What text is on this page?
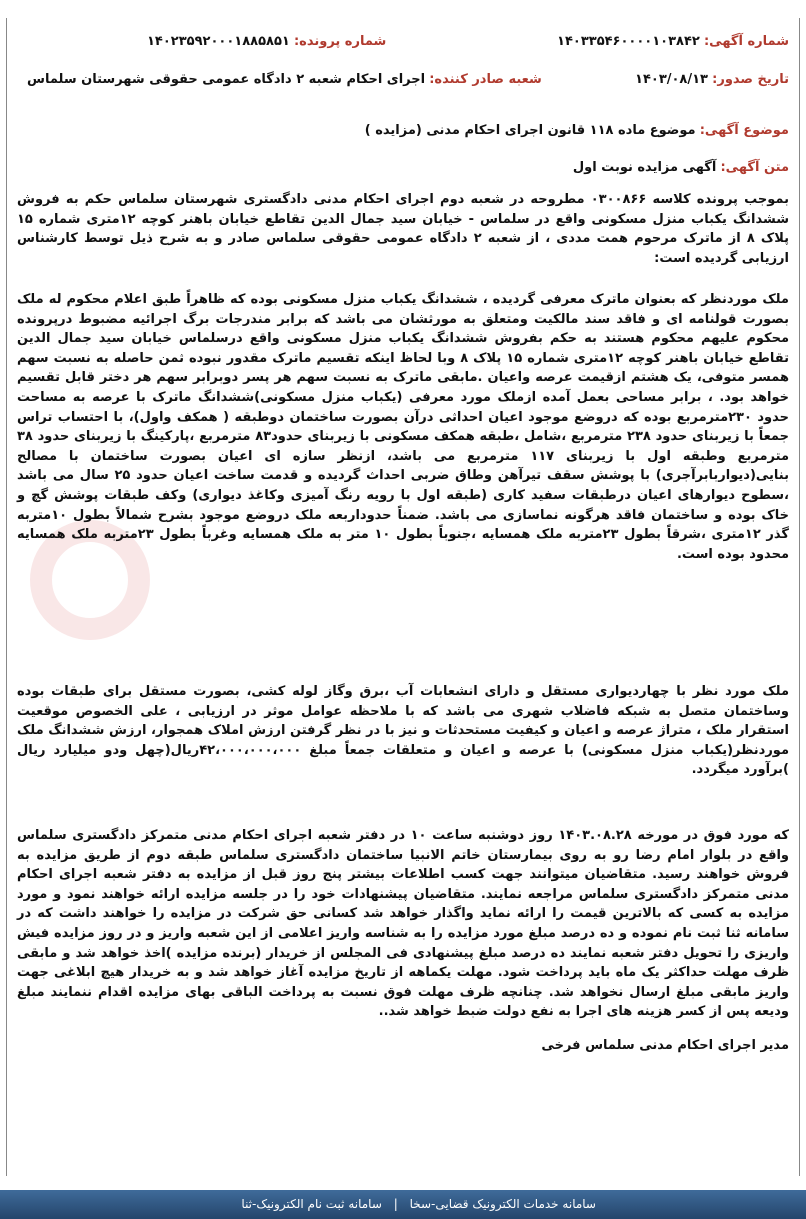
شماره آگهی: ۱۴۰۳۳۵۴۶۰۰۰۰۱۰۳۸۴۲
شماره پرونده: ۱۴۰۲۳۵۹۲۰۰۰۱۸۸۵۸۵۱
تاریخ صدور: ۱۴۰۳/۰۸/۱۳
شعبه صادر کننده: اجرای احکام شعبه ۲ دادگاه عمومی حقوقی شهرستان سلماس
موضوع آگهی: موضوع ماده ۱۱۸ قانون اجرای احکام مدنی (مزایده )
متن آگهی: آگهی مزایده نوبت اول
بموجب پرونده کلاسه ۰۳۰۰۸۶۶ مطروحه در شعبه دوم اجرای احکام مدنی دادگستری شهرستان سلماس حکم به فروش ششدانگ یکباب منزل مسکونی واقع در سلماس - خیابان سید جمال الدین تقاطع خیابان باهنر کوچه ۱۲متری شماره ۱۵ پلاک ۸ از ماترک مرحوم همت مددی ، از شعبه ۲ دادگاه عمومی حقوقی سلماس صادر و به شرح ذیل توسط کارشناس ارزیابی گردیده است:
ملک موردنظر که بعنوان ماترک معرفی گردیده ، ششدانگ یکباب منزل مسکونی بوده که ظاهراً طبق اعلام محکوم له ملک بصورت قولنامه ای و فاقد سند مالکیت ومتعلق به مورثشان می باشد که برابر مندرجات برگ اجرائیه مضبوط درپرونده محکوم علیهم محکوم هستند به حکم بفروش ششدانگ یکباب منزل مسکونی واقع درسلماس خیابان سید جمال الدین تقاطع خیابان باهنر کوچه ۱۲متری شماره ۱۵ پلاک ۸ وبا لحاظ اینکه تقسیم ماترک مقدور نبوده ثمن حاصله به نسبت سهم همسر متوفی، یک هشتم ازقیمت عرصه واعیان .مابقی ماترک به نسبت سهم هر پسر دوبرابر سهم هر دختر قابل تقسیم خواهد بود. ، برابر مساحی بعمل آمده ازملک مورد معرفی (یکباب منزل مسکونی)ششدانگ ماترک با عرصه به مساحت حدود ۲۳۰مترمربع بوده که دروضع موجود اعیان احداثی درآن بصورت ساختمان دوطبقه ( همکف واول)، با احتساب تراس جمعاً با زیربنای حدود ۲۳۸ مترمربع ،شامل ،طبقه همکف مسکونی با زیربنای حدود۸۳ مترمربع ،پارکینگ با زیربنای حدود ۳۸ مترمربع وطبقه اول با زیربنای ۱۱۷ مترمربع می باشد، ازنظر سازه ای اعیان بصورت ساختمان با مصالح بنایی(دیواربابرآجری) با پوشش سقف تیرآهن وطاق ضربی احداث گردیده و قدمت ساخت اعیان حدود ۲۵ سال می باشد ،سطوح دیوارهای اعیان درطبقات سفید کاری (طبقه اول با رویه رنگ آمیزی وکاغذ دیواری) وکف طبقات پوشش گچ و خاک بوده و ساختمان فاقد هرگونه نماسازی می باشد. ضمناً حدوداربعه ملک دروضع موجود بشرح شمالاً بطول ۱۰متربه گذر ۱۲متری ،شرقاً بطول ۲۳متربه ملک همسایه ،جنوباً بطول ۱۰ متر به ملک همسایه وغرباً بطول ۲۳متربه ملک همسایه محدود بوده است.
ملک مورد نظر با چهاردیواری مستقل و دارای انشعابات آب ،برق وگاز لوله کشی، بصورت مستقل برای طبقات بوده وساختمان متصل به شبکه فاضلاب شهری می باشد که با ملاحظه عوامل موثر در ارزیابی ، علی الخصوص موقعیت استقرار ملک ، متراژ عرصه و اعیان و کیفیت مستحدثات و نیز با در نظر گرفتن ارزش املاک همجوار، ارزش ششدانگ ملک موردنظر(یکباب منزل مسکونی) با عرصه و اعیان و متعلقات جمعاً مبلغ ۴۲،۰۰۰،۰۰۰،۰۰۰ریال(چهل ودو میلیارد ریال )برآورد میگردد.
که مورد فوق در مورخه ۱۴۰۳.۰۸.۲۸ روز دوشنبه ساعت ۱۰ در دفتر شعبه اجرای احکام مدنی متمرکز دادگستری سلماس واقع در بلوار امام رضا رو به روی بیمارستان خاتم الانبیا ساختمان دادگستری سلماس طبقه دوم از طریق مزایده به فروش خواهند رسید. متقاضیان میتوانند جهت کسب اطلاعات بیشتر پنج روز قبل از مزایده به دفتر شعبه اجرای احکام مدنی متمرکز دادگستری سلماس مراجعه نمایند. متقاضیان پیشنهادات خود را در جلسه مزایده ارائه خواهند نمود و مورد مزایده به کسی که بالاترین قیمت را ارائه نماید واگذار خواهد شد کسانی حق شرکت در مزایده را خواهند داشت که در سامانه ثنا ثبت نام نموده و ده درصد مبلغ مورد مزایده را به شناسه واریز اعلامی از این شعبه واریز و در روز مزایده فیش واریزی را تحویل دفتر شعبه نمایند ده درصد مبلغ پیشنهادی فی المجلس از خریدار (برنده مزایده )اخذ خواهد شد و مابقی ظرف مهلت حداکثر یک ماه باید پرداخت شود. مهلت یکماهه از تاریخ مزایده آغاز خواهد شد و به خریدار هیچ ابلاغی جهت واریز مابقی مبلغ ارسال نخواهد شد. چنانچه ظرف مهلت فوق نسبت به پرداخت الباقی بهای مزایده اقدام ننمایند مبلغ ودیعه پس از کسر هزینه های اجرا به نفع دولت ضبط خواهد شد..
مدیر اجرای احکام مدنی سلماس فرخی
سامانه خدمات الکترونیک قضایی-سخا | سامانه ثبت نام الکترونیک-ثنا
